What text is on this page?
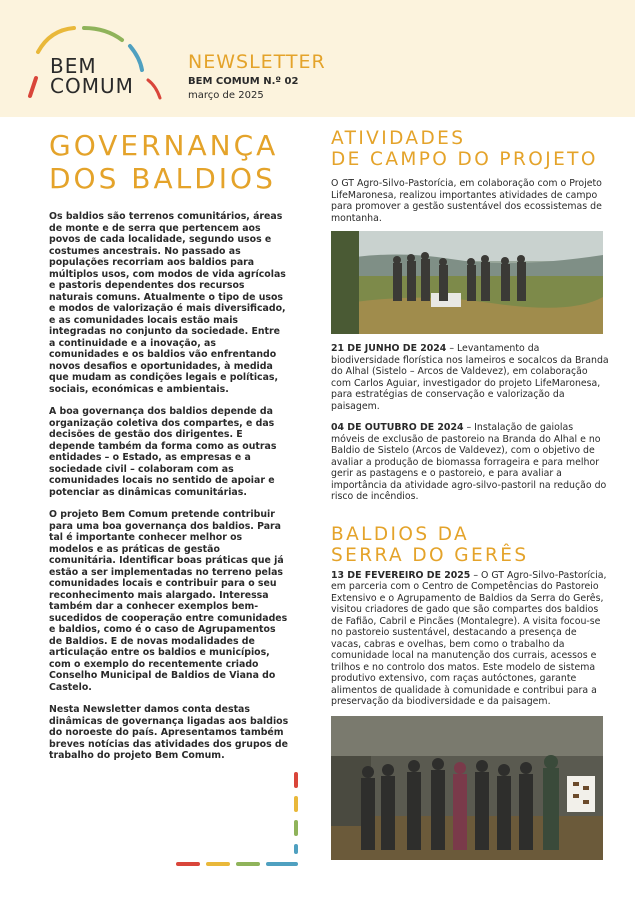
BEM
COMUM
NEWSLETTER
BEM COMUM N.º 02
março de 2025
GOVERNANÇA
DOS BALDIOS

Os baldios são terrenos comunitários, áreas de monte e de serra que pertencem aos povos de cada localidade, segundo usos e costumes ancestrais. No passado as populações recorriam aos baldios para múltiplos usos, com modos de vida agrícolas e pastoris dependentes dos recursos naturais comuns. Atualmente o tipo de usos e modos de valorização é mais diversificado, e as comunidades locais estão mais integradas no conjunto da sociedade. Entre a continuidade e a inovação, as comunidades e os baldios vão enfrentando novos desafios e oportunidades, à medida que mudam as condições legais e políticas, sociais, económicas e ambientais.

A boa governança dos baldios depende da organização coletiva dos compartes, e das decisões de gestão dos dirigentes. E depende também da forma como as outras entidades – o Estado, as empresas e a sociedade civil – colaboram com as comunidades locais no sentido de apoiar e potenciar as dinâmicas comunitárias.

O projeto Bem Comum pretende contribuir para uma boa governança dos baldios. Para tal é importante conhecer melhor os modelos e as práticas de gestão comunitária. Identificar boas práticas que já estão a ser implementadas no terreno pelas comunidades locais e contribuir para o seu reconhecimento mais alargado. Interessa também dar a conhecer exemplos bem-sucedidos de cooperação entre comunidades e baldios, como é o caso de Agrupamentos de Baldios. E de novas modalidades de articulação entre os baldios e municípios, com o exemplo do recentemente criado Conselho Municipal de Baldios de Viana do Castelo.

Nesta Newsletter damos conta destas dinâmicas de governança ligadas aos baldios do noroeste do país. Apresentamos também breves notícias das atividades dos grupos de trabalho do projeto Bem Comum.

ATIVIDADES
DE CAMPO DO PROJETO

O GT Agro-Silvo-Pastorícia, em colaboração com o Projeto LifeMaronesa, realizou importantes atividades de campo para promover a gestão sustentável dos ecossistemas de montanha.

21 DE JUNHO DE 2024 – Levantamento da biodiversidade florística nos lameiros e socalcos da Branda do Alhal (Sistelo – Arcos de Valdevez), em colaboração com Carlos Aguiar, investigador do projeto LifeMaronesa, para estratégias de conservação e valorização da paisagem.

04 DE OUTUBRO DE 2024 – Instalação de gaiolas móveis de exclusão de pastoreio na Branda do Alhal e no Baldio de Sistelo (Arcos de Valdevez), com o objetivo de avaliar a produção de biomassa forrageira e para melhor gerir as pastagens e o pastoreio, e para avaliar a importância da atividade agro-silvo-pastoril na redução do risco de incêndios.

BALDIOS DA
SERRA DO GERÊS

13 DE FEVEREIRO DE 2025 – O GT Agro-Silvo-Pastorícia, em parceria com o Centro de Competências do Pastoreio Extensivo e o Agrupamento de Baldios da Serra do Gerês, visitou criadores de gado que são compartes dos baldios de Fafião, Cabril e Pincães (Montalegre). A visita focou-se no pastoreio sustentável, destacando a presença de vacas, cabras e ovelhas, bem como o trabalho da comunidade local na manutenção dos currais, acessos e trilhos e no controlo dos matos. Este modelo de sistema produtivo extensivo, com raças autóctones, garante alimentos de qualidade à comunidade e contribui para a preservação da biodiversidade e da paisagem.
